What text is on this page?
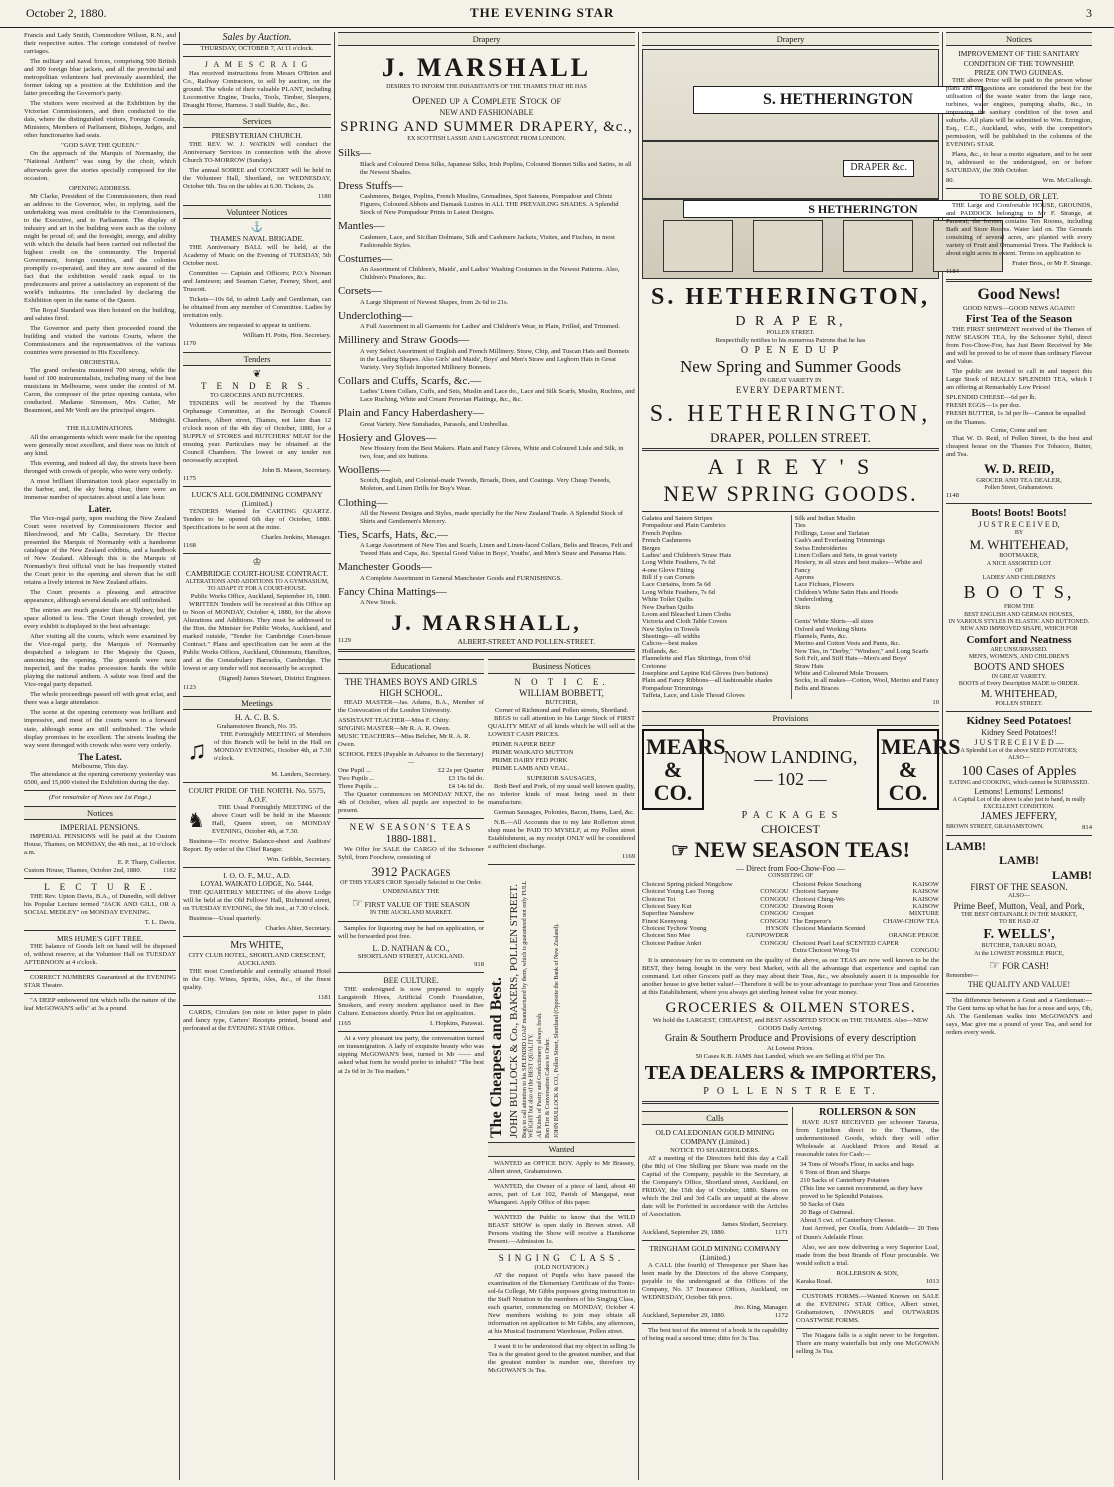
October 2, 1880.	THE EVENING STAR	3

Francis and Lady Smith, Commodore Wilson, R.N., and their respective suites. The cortege consisted of twelve carriages.

The military and naval forces, comprising 500 British and 300 foreign blue jackets, and all the provincial and metropolitan volunteers had previously assembled, the former taking up a position at the Exhibition and the latter preceding the Governor's party.

The visitors were received at the Exhibition by the Victorian Commissioners, and then conducted to the dais, where the distinguished visitors, Foreign Consuls, Ministers, Members of Parliament, Bishops, Judges, and other functionaries had seats.

"GOD SAVE THE QUEEN."

On the approach of the Marquis of Normanby, the "National Anthem" was sung by the choir, which afterwards gave the stories specially composed for the occasion.

OPENING ADDRESS.

Mr Clarke, President of the Commissioners, then read an address to the Governor, who, in replying, said the undertaking was most creditable to the Commissioners, to the Executive, and to Parliament. The display of industry and art in the building were such as the colony might be proud of; and the foresight, energy, and ability with which the details had been carried out reflected the highest credit on the community. The Imperial Government, foreign countries, and the colonies promptly co-operated, and they are now assured of the fact that the exhibition would rank equal to its predecessors and prove a satisfactory an exponent of the world's industries. He concluded by declaring the Exhibition open in the name of the Queen.

The Royal Standard was then hoisted on the building, and salutes fired.

The Governor and party then proceeded round the building and visited the various Courts, where the Commissioners and the representatives of the various countries were presented to His Excellency.

ORCHESTRA.

The grand orchestra mustered 700 strong, while the band of 100 instrumentalists, including many of the best musicians in Melbourne, were under the control of M. Caron, the composer of the prize opening cantata, who conducted. Madame Simonsen, Mrs Cutter, Mr Beaumont, and Mr Verdi are the principal singers.

Midnight.
THE ILLUMINATIONS.

All the arrangements which were made for the opening were generally most excellent, and there was no hitch of any kind.

This evening, and indeed all day, the streets have been thronged with crowds of people, who were very orderly.

A most brilliant illumination took place especially in the harbor, and, the sky being clear, there were an immense number of spectators about until a late hour.

Later.

The Vice-regal party, upon reaching the New Zealand Court were received by Commissioners Hector and Bleechwood, and Mr Callis, Secretary. Dr Hector presented the Marquis of Normanby with a handsome catalogue of the New Zealand exhibits, and a handbook of New Zealand. Although this is the Marquis of Normanby's first official visit he has frequently visited the Court prior to the opening and shown that he still retains a lively interest in New Zealand affairs.

The Court presents a pleasing and attractive appearance, although several details are still unfinished.

The entries are much greater than at Sydney, but the space allotted is less. The Court though crowded, yet every exhibit is displayed to the best advantage.

After visiting all the courts, which were examined by the Vice-regal party, the Marquis of Normanby despatched a telegram to Her Majesty the Queen, announcing the opening. The grounds were next inspected, and the trades procession hands the while playing the national anthem. A salute was fired and the Vice-regal party departed.

The whole proceedings passed off with great eclat, and there was a large attendance.

The scene at the opening ceremony was brilliant and impressive, and most of the courts were in a forward state, although some are still unfinished. The whole display promises to be excellent. The streets leading the way were thronged with crowds who were very orderly.

The Latest.
Melbourne, This day.

The attendance at the opening ceremony yesterday was 6500, and 15,000 visited the Exhibition during the day.

(For remainder of News see 1st Page.)
Notices
IMPERIAL PENSIONS.

IMPERIAL PENSIONS will be paid at the Custom House, Thames, on MONDAY, the 4th inst., at 10 o'clock a.m.

E. P. Tharp, Collector.
Custom House, Thames, October 2nd, 1880.	1182
L E C T U R E.

THE Rev. Upton Davis, B.A., of Dunedin, will deliver his Popular Lecture termed "JACK AND GILL, OR A SOCIAL MEDLEY" on MONDAY EVENING.

T. L. Davis.
MRS HUME'S GIFT TREE.

THE balance of Goods left on hand will be disposed of, without reserve, at the Volunteer Hall on TUESDAY AFTERNOON at 4 o'clock.

CORRECT NUMBERS Guaranteed at the EVENING STAR Theatre.

"A DEEP embowered tint which tells the nature of the leaf McGOWAN'S sells" at 3s a pound

Sales by Auction.
THURSDAY, OCTOBER 7, At 11 o'clock.
J A M E S C R A I G

Has received instructions from Messrs O'Brien and Co., Railway Contractors, to sell by auction, on the ground. The whole of their valuable PLANT, including Locomotive Engine, Trucks, Tools, Timber, Sleepers, Draught Horse, Harness. 3 stall Stable, &c., &c.

Services
PRESBYTERIAN CHURCH.

THE REV. W. J. WATKIN will conduct the Anniversary Services in connection with the above Church TO-MORROW (Sunday).

The annual SOIREE and CONCERT will be held in the Volunteer Hall, Shortland, on WEDNESDAY, October 6th. Tea on the tables at 6.30. Tickets, 2s.

1180
Volunteer Notices
⚓
THAMES NAVAL BRIGADE.

THE Anniversary BALL will be held, at the Academy of Music on the Evening of TUESDAY, 5th October next.

Committee — Captain and Officers; P.O.'s Noonan and Jamieson; and Seaman Carter, Feeney, Short, and Truscott.

Tickets—10s 6d, to admit Lady and Gentleman, can be obtained from any member of Committee. Ladies by invitation only.

Volunteers are requested to appear in uniform.

William H. Potts, Hon. Secretary.
1170
Tenders
❦
T E N D E R S.
TO GROCERS AND BUTCHERS.

TENDERS will be received by the Thames Orphanage Committee, at the Borough Council Chambers, Albert street, Thames, not later than 12 o'clock noon of the 4th day of October, 1880, for a SUPPLY of STORES and BUTCHERS' MEAT for the ensuing year. Particulars may be obtained at the Council Chambers. The lowest or any tender not necessarily accepted.

John B. Mason, Secretary.
1175
LUCK'S ALL GOLDMINING COMPANY (Limited.)

TENDERS Wanted for CARTING QUARTZ. Tenders to be opened 6th day of October, 1880. Specifications to be seen at the mine.

Charles Jenkins, Manager.
1168
♔
CAMBRIDGE COURT-HOUSE CONTRACT.
ALTERATIONS AND ADDITIONS TO A GYMNASIUM, TO ADAPT IT FOR A COURT-HOUSE.
Public Works Office, Auckland, September 16, 1880.

WRITTEN Tenders will be received at this Office up to Noon of MONDAY, October 4, 1880, for the above Alterations and Additions. They must be addressed to the Hon. the Minister for Public Works, Auckland, and marked outside, "Tender for Cambridge Court-house Contract." Plans and specification can be seen at the Public Works Offices, Auckland, Ohinemutu, Hamilton, and at the Constabulary Barracks, Cambridge. The lowest or any tender will not necessarily be accepted.

(Signed) James Stewart, District Engineer.
1123
Meetings
H. A. C. B. S.
Grahamstown Branch, No. 35.
♫

THE Fortnightly MEETING of Members of this Branch will be held in the Hall on MONDAY EVENING, October 4th, at 7.30 o'clock.

M. Landers, Secretary.
COURT PRIDE OF THE NORTH. No. 5575, A.O.F.
♞

THE Usual Fortnightly MEETING of the above Court will be held in the Masonic Hall, Queen street, on MONDAY EVENING, October 4th, at 7.30.

Business—To receive Balance-sheet and Auditors' Report. By order of the Chief Ranger.

Wm. Gribble, Secretary.
I. O. O. F., M.U., A.D.
LOYAL WAIKATO LODGE, No. 5444.

THE QUARTERLY MEETING of the above Lodge will be held at the Old Fellows' Hall, Richmond street, on TUESDAY EVENING, the 5th inst., at 7.30 o'clock.

Business—Usual quarterly.

Charles Ahier, Secretary.
Mrs WHITE,
CITY CLUB HOTEL, SHORTLAND CRESCENT, AUCKLAND.

THE most Comfortable and centrally situated Hotel in the City. Wines, Spirits, Ales, &c., of the finest quality.

1181

CARDS, Circulars (on note or letter paper in plain and fancy type, Carters' Receipts printed, bound and perforated at the EVENING STAR Office.

Drapery
J. MARSHALL
DESIRES TO INFORM THE INHABITANTS OF THE THAMES THAT HE HAS
Opened up a Complete Stock of
NEW AND FASHIONABLE
SPRING AND SUMMER DRAPERY, &c.,
EX SCOTTISH LASSIE AND LANGSTONE FROM LONDON.
Silks—
Black and Coloured Dress Silks, Japanese Silks, Irish Poplins, Coloured Bonnet Silks and Satins, in all the Newest Shades.
Dress Stuffs—
Cashmeres, Beiges, Poplins, French Muslins, Grenadines, Spot Sateens, Pompadour and Chintz Figures, Coloured Abbots and Damask Lustres in ALL THE PREVAILING SHADES. A Splendid Stock of New Pompadour Prints in Latest Designs.
Mantles—
Cashmere, Lace, and Sicilian Dolmans, Silk and Cashmere Jackets, Visites, and Fischus, in most Fashionable Styles.
Costumes—
An Assortment of Children's, Maids', and Ladies' Washing Costumes in the Newest Patterns. Also, Children's Pinafores, &c.
Corsets—
A Large Shipment of Newest Shapes, from 2s 6d to 21s.
Underclothing—
A Full Assortment in all Garments for Ladies' and Children's Wear, in Plain, Frilled, and Trimmed.
Millinery and Straw Goods—
A very Select Assortment of English and French Millinery. Straw, Chip, and Tuscan Hats and Bonnets in the Leading Shapes. Also Girls' and Maids', Boys' and Men's Straw and Leghorn Hats in Great Variety. Very Stylish Imported Millinery Bonnets.
Collars and Cuffs, Scarfs, &c.—
Ladies' Linen Collars, Cuffs, and Sets, Muslin and Lace do., Lace and Silk Scarfs, Muslin, Ruchins, and Lace Ruching, White and Cream Peruvian Plaitings, &c., &c.
Plain and Fancy Haberdashery—
Great Variety. New Sunshades, Parasols, and Umbrellas.
Hosiery and Gloves—
New Hosiery from the Best Makers. Plain and Fancy Gloves, White and Coloured Lisle and Silk, in two, four, and six buttons.
Woollens—
Scotch, English, and Colonial-made Tweeds, Broads, Does, and Coatings. Very Cheap Tweeds, Moleton, and Linen Drills for Boy's Wear.
Clothing—
All the Newest Designs and Styles, made specially for the New Zealand Trade. A Splendid Stock of Shirts and Gentlemen's Mercery.
Ties, Scarfs, Hats, &c.—
A Large Assortment of New Ties and Scarfs, Linen and Linen-faced Collars, Belts and Braces, Felt and Tweed Hats and Caps, &c. Special Good Value in Boys', Youths', and Men's Straw and Panama Hats.
Manchester Goods—
A Complete Assortment in General Manchester Goods and FURNISHINGS.
Fancy China Mattings—
A New Stock.
J. MARSHALL,
1129	ALBERT-STREET AND POLLEN-STREET.
Educational
THE THAMES BOYS AND GIRLS HIGH SCHOOL.

HEAD MASTER—Jas. Adams, B.A., Member of the Convocation of the London University.

ASSISTANT TEACHER—Miss F. Chitty.
SINGING MASTER—Mr R. A. R. Owen.
MUSIC TEACHERS—Miss Belcher, Mr R. A. R. Owen.
SCHOOL FEES (Payable in Advance to the Secretary)—
One Pupil ...	£2 2s per Quarter
Two Pupils ...	£3 15s 6d do.
Three Pupils ...	£4 14s 6d do.

The Quarter commences on MONDAY NEXT, the 4th of October, when all pupils are expected to be present.

NEW SEASON'S TEAS
1880-1881.

We Offer for SALE the CARGO of the Schooner Sybil, from Foochow, consisting of

3912 Packages
OF THIS YEAR'S CROP. Specially Selected to Our Order.
UNDENIABLY THE
☞ FIRST VALUE OF THE SEASON
IN THE AUCKLAND MARKET.

Samples for liquoring may be had on application, or will be forwarded post free.

L. D. NATHAN & CO.,
SHORTLAND STREET, AUCKLAND.
918
BEE CULTURE.

THE undersigned is now prepared to supply Langstroth Hives, Artificial Comb Foundation, Smokers, and every modern appliance used in Bee Culture. Extractors shortly. Price list on application.

1165	I. Hopkins, Parawai.

At a very pleasant tea party, the conversation turned on transmigration. A lady of exquisite beauty who was sipping McGOWAN'S best, turned to Mr —— and asked what form he would prefer to inhabit? "The best at 2s 6d in 3s Tea madam."

Business Notices
N O T I C E.
WILLIAM BOBBETT,
BUTCHER,
Corner of Richmond and Pollen streets, Shortland.

BEGS to call attention to his Large Stock of FIRST QUALITY MEAT of all kinds which he will sell at the LOWEST CASH PRICES.

PRIME NAPIER BEEF
PRIME WAIKATO MUTTON
PRIME DAIRY FED PORK
PRIME LAMB AND VEAL.
SUPERIOR SAUSAGES,

Both Beef and Pork, of my usual well known quality, no inferior kinds of meat being used in their manufacture.

German Sausages, Polonies, Bacon, Hams, Lard, &c.

N.B.—All Accounts due to my late Rollerton street shop must be PAID TO MYSELF, at my Pollen street Establishment, as my receipt ONLY will be considered a sufficient discharge.

1169
The Cheapest and Best. JOHN BULLOCK & Co., BAKERS, POLLEN STREET. Begs to call attention to his SPLENDID LOAF manufactured by them, which is guaranteed not only FULL WEIGHT but also of the BEST QUALITY. All Kinds of Pastry and Confectionery always fresh. Bon Fire & Conversation Cakes to Order. JOHN BULLOCK & CO., Pollen Street, Shortland (Opposite the Bank of New Zealand).
Wanted

WANTED an OFFICE BOY. Apply to Mr Brassey, Albert street, Grahamstown.

WANTED, the Owner of a piece of land, about 40 acres, part of Lot 102, Parish of Mangapai, near Whangarei. Apply Office of this paper.

WANTED the Public to know that the WILD BEAST SHOW is open daily in Brown street. All Persons visiting the Show will receive a Handsome Present.—Admission 1s.

SINGING CLASS.
(OLD NOTATION.)

AT the request of Pupils who have passed the examination of the Elementary Certificate of the Tonic-sol-fa College, Mr Gibbs purposes giving instruction in the Staff Notation to the members of his Singing Class, each quarter, commencing on MONDAY, October 4. New members wishing to join may obtain all information on application to Mr Gibbs, any afternoon, at his Musical Instrument Warehouse, Pollen street.

I want it to be understood that my object in selling 3s Tea is the greatest good to the greatest number, and that the greatest number is number one, therefore try McGOWAN'S 3s Tea.

Drapery
S. HETHERINGTON
DRAPER &c.
S HETHERINGTON
S. HETHERINGTON,
D R A P E R,
POLLEN STREET.
Respectfully notifies to his numerous Patrons that he has
O P E N E D U P
New Spring and Summer Goods
IN GREAT VARIETY IN
EVERY DEPARTMENT.
S. HETHERINGTON,
DRAPER, POLLEN STREET.
A I R E Y ' S
NEW SPRING GOODS.
Galatea and Sateen Stripes
Pompadour and Plain Cambrics
French Poplins
French Cashmeres
Berges
Ladies' and Children's Straw Hats
Long White Feathers, 7s 6d
4-one Glove Fitting
Bill if y can Corsets
Lace Curtains, from 5s 6d
Long White Feathers, 7s 6d
White Toilet Quilts
New Durban Quilts
Loom and Bleached Linen Cloths
Victoria and Cloth Table Covers
New Styles in Towels
Sheetings—all widths
Calicos—best makes
Hollands, &c.
Flannelette and Flax Shirtings, from 6½d
Cretonne
Josephine and Lepine Kid Gloves (two buttons)
Plain and Fancy Ribbons—all fashionable shades
Pompadour Trimmings
Taffeta, Lace, and Lisle Thread Gloves
Silk and Indian Muslin
Ties
Frillings, Lesse and Tarlatan
Cash's and Everlasting Trimmings
Swiss Embroideries
Linen Collars and Sets, in great variety
Hosiery, in all sizes and best makes—White and Fancy
Aprons
Lace Fichues, Flowers
Children's White Satin Hats and Hoods
Underclothing
Skirts

Gents' White Shirts—all sizes
Oxford and Working Shirts
Flannels, Pants, &c.
Merino and Cotton Vests and Pants, &c.
New Ties, in "Derby," "Windsor," and Long Scarfs
Soft Felt, and Stiff Hats—Men's and Boys'
Straw Hats
White and Coloured Mole Trousers
Socks, in all makes—Cotton, Wool, Merino and Fancy
Belts and Braces
10
Provisions
MEARS & CO.
NOW LANDING,
— 102 —
MEARS & CO.
P A C K A G E S
CHOICEST
☞ NEW SEASON TEAS!
— Direct from Foo-Chow-Foo —
CONSISTING OF
Choicest Spring picked Ningchow
Choicest Young Lao Toong	CONGOU
Choicest Toi	CONGOU
Choicest Suey Kut	CONGOU
Superfine Nanshow	CONGOU
Finest Keenyong	CONGOU
Choicest Tychow Young	HYSON
Choicest Sno Mee	GUNPOWDER
Choicest Padrae Ankri	CONGOU
Choicest Pekoe Souchong	KAISOW
Choicest Saryane	KAISOW
Choicest Ching-Wo	KAISOW
Drawing Room	KAISOW
Croquet	MIXTURE
The Emperor's	CHAW-CHOW TEA
Choicest Mandarin Scented
ORANGE PEKOE
Choicest Pearl Leaf SCENTED CAPER
Extra Choicest Woog-Toi	CONGOU

It is unnecessary for us to comment on the quality of the above, as our TEAS are now well known to be the BEST, they being bought in the very best Market, with all the advantage that experience and capital can command. Let other Grocers puff as they may about their Teas, &c., we absolutely assert it is impossible for another house to give better value!—Therefore it will be to your advantage to purchase your Teas and Groceries at this Establishment, where you always get sterling honest value for your money.

GROCERIES & OILMEN STORES.
We hold the LARGEST, CHEAPEST, and BEST ASSORTED STOCK on THE THAMES. Also—NEW GOODS Daily Arriving.
Grain & Southern Produce and Provisions of every description
At Lowest Prices.
50 Cases K.B. JAMS Just Landed, which we are Selling at 6½d per Tin.
TEA DEALERS & IMPORTERS,
P O L L E N S T R E E T.
Calls
OLD CALEDONIAN GOLD MINING COMPANY (Limited.)
NOTICE TO SHAREHOLDERS.

AT a meeting of the Directors held this day a Call (the 8th) of One Shilling per Share was made on the Capital of the Company, payable to the Secretary, at the Company's Office, Shortland street, Auckland, on FRIDAY, the 15th day of October, 1880. Shares on which the 2nd and 3rd Calls are unpaid at the above date will be Forfeited in accordance with the Articles of Association.

James Stodart, Secretary.
Auckland, September 29, 1880.	1171
TRINGHAM GOLD MINING COMPANY (Limited.)

A CALL (the fourth) of Threepence per Share has been made by the Directors of the above Company, payable to the undersigned at the Offices of the Company, No. 37 Insurance Offices, Auckland, on WEDNESDAY, October 6th prox.

Jno. King, Manager.
Auckland, September 29, 1880.	1172

The best test of the interest of a book is its capability of being read a second time; ditto for 3s Tea.

ROLLERSON & SON

HAVE JUST RECEIVED per schooner Tararua, from Lyttelton direct to the Thames, the undermentioned Goods, which they will offer Wholesale at Auckland Prices and Retail at reasonable rates for Cash:—

34 Tons of Wood's Flour, in sacks and bags
6 Tons of Bran and Sharps
210 Sacks of Canterbury Potatoes
(This line we cannot recommend, as they have proved to be Splendid Potatoes.
50 Sacks of Oats
20 Bags of Oatmeal.
About 5 cwt. of Canterbury Cheese.

Just Arrived, per Ocella, from Adelaide— 20 Tons of Dunn's Adelaide Flour.

Also, we are now delivering a very Superior Loaf, made from the best Brands of Flour procurable. We would solicit a trial.

ROLLERSON & SON,
Karaka Road.	1013

CUSTOMS FORMS.—Wanted Known on SALE at the EVENING STAR Office, Albert street, Grahamstown, INWARDS and OUTWARDS COASTWISE FORMS.

The Niagara falls is a sight never to be forgotten. There are many waterfalls but only one McGOWAN selling 3s Tea.

Notices
IMPROVEMENT OF THE SANITARY CONDITION OF THE TOWNSHIP.
PRIZE ON TWO GUINEAS.

THE above Prize will be paid to the person whose plans and suggestions are considered the best for the utilisation of the waste water from the large race, turbines, water engines, pumping shafts, &c., in improving the sanitary condition of the town and suburbs. All plans will be submitted to Wm. Errington, Esq., C.E., Auckland, who, with the competitor's permission, will be published in the columns of the EVENING STAR.

Plans, &c., to bear a motto signature, and to be sent in, addressed to the undersigned, on or before SATURDAY, the 30th October.

80.	Wm. McCullough.
TO BE SOLD, OR LET.

THE Large and Comfortable HOUSE, GROUNDS, and PADDOCK belonging to Mr F. Strange, at Parawai; the former contains Ten Rooms, including Bath and Store Rooms. Water laid on. The Grounds consisting of several acres, are planted with every variety of Fruit and Ornamental Trees. The Paddock is about eight acres in extent. Terms on application to

Frater Bros., or Mr F. Strange.
1184
Good News!
GOOD NEWS—GOOD NEWS AGAIN!!
First Tea of the Season

THE FIRST SHIPMENT received of the Thames of NEW SEASON TEA, by the Schooner Sybil, direct from Foo-Chow-Foo, has Just Been Received by Me and will be proved to be of more than ordinary Flavour and Value.

The public are invited to call in and inspect this Large Stock of REALLY SPLENDID TEA, which I am offering at Remarkably Low Prices!

SPLENDID CHEESE—6d per lb.
FRESH EGGS—1s per doz.
FRESH BUTTER, 1s 3d per lb—Cannot be equalled on the Thames.
Come, Come and see

That W. D. Reid, of Pollen Street, Is the best and cheapest house on the Thames For Tobacco, Butter, and Tea.

W. D. REID,
GROCER AND TEA DEALER,
Pollen Street, Grahamstown.
1148
Boots! Boots! Boots!
J U S T R E C E I V E D,
BY
M. WHITEHEAD,
BOOTMAKER,
A NICE ASSORTED LOT
OF
LADIES' AND CHILDREN'S
B O O T S,
FROM THE
BEST ENGLISH AND GERMAN HOUSES,
IN VARIOUS STYLES IN ELASTIC AND BUTTONED.
NEW AND IMPROVED SHAPE, WHICH FOR
Comfort and Neatness
ARE UNSURPASSED.
MEN'S, WOMEN'S, AND CHILDREN'S
BOOTS AND SHOES
IN GREAT VARIETY.
BOOTS of Every Description MADE to ORDER.
M. WHITEHEAD,
POLLEN STREET.
Kidney Seed Potatoes!
Kidney Seed Potatoes!!
J U S T R E C E I V E D —
A Splendid Lot of the above SEED POTATOES;
ALSO—
100 Cases of Apples
EATING and COOKING, which cannot be SURPASSED.
Lemons! Lemons! Lemons!
A Capital Lot of the above is also just to hand, in really EXCELLENT CONDITION.
JAMES JEFFERY,
BROWN STREET, GRAHAMSTOWN.	814
LAMB!
LAMB!
LAMB!
FIRST OF THE SEASON.
ALSO—
Prime Beef, Mutton, Veal, and Pork,
THE BEST OBTAINABLE IN THE MARKET,
TO BE HAD AT
F. WELLS',
BUTCHER, TARARU ROAD,
At the LOWEST POSSIBLE PRICE,
☞ FOR CASH!
Remember—
THE QUALITY AND VALUE!

The difference between a Gout and a Gentleman:—The Gent turns up what he has for a nose and says, Oh, Ah. The Gentleman walks into McGOWAN'S and says, Mac give me a pound of your Tea, and send for orders every week.
